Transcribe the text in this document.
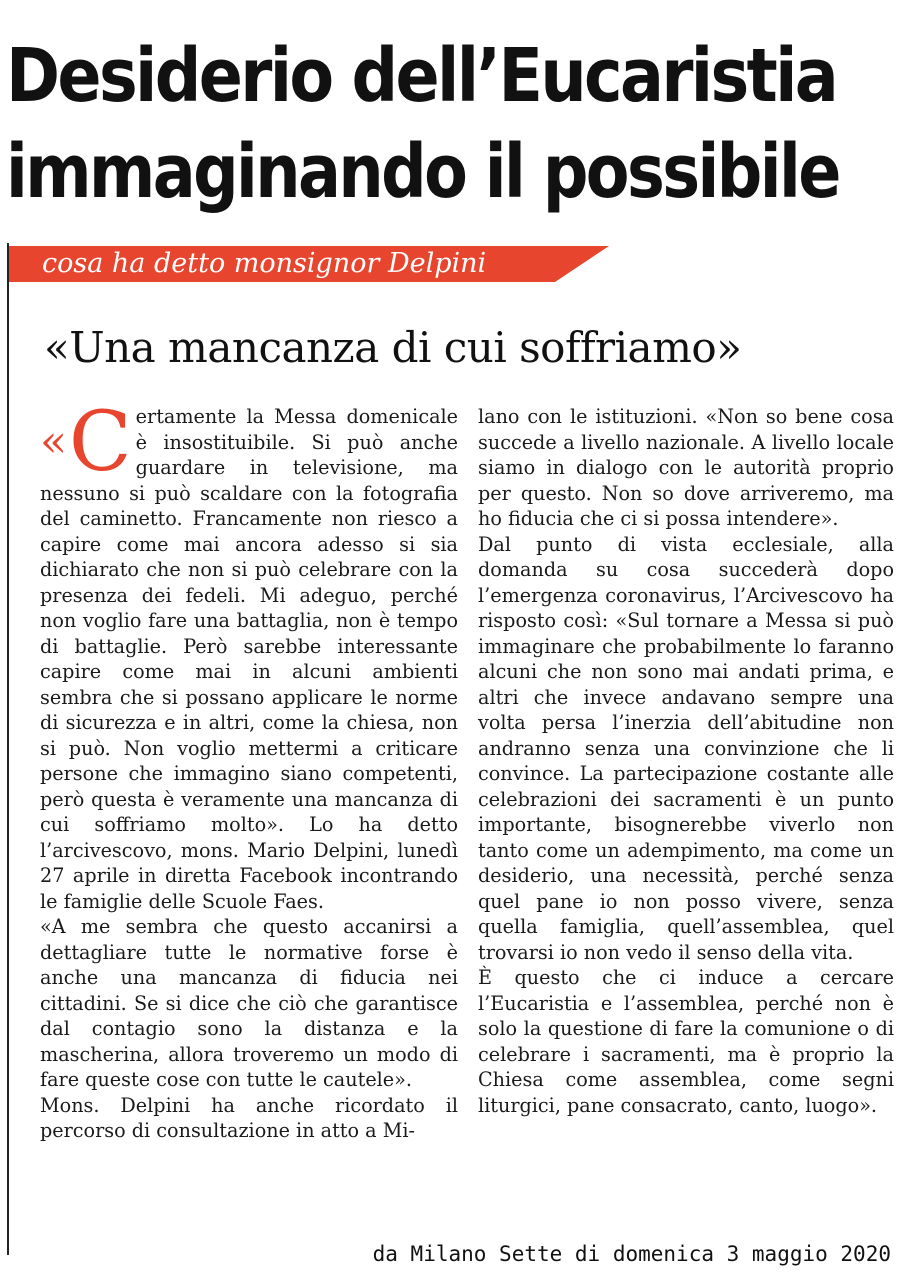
Desiderio dell’Eucaristia
immaginando il possibile
cosa ha detto monsignor Delpini
«Una mancanza di cui soffriamo»
« C ertamente la Messa domenicale è insostituibile. Si può anche guardare in televisione, ma nessuno si può scaldare con la fotografia del caminetto. Francamente non riesco a capire come mai ancora adesso si sia dichiarato che non si può celebrare con la presenza dei fedeli. Mi adeguo, perché non voglio fare una battaglia, non è tempo di battaglie. Però sarebbe interessante capire come mai in alcuni ambienti sembra che si possano applicare le norme di sicurezza e in altri, come la chiesa, non si può. Non voglio mettermi a criticare persone che immagino siano competenti, però questa è veramente una mancanza di cui soffriamo molto». Lo ha detto l’arcivescovo, mons. Mario Delpini, lunedì 27 aprile in diretta Facebook incontrando le famiglie delle Scuole Faes.

«A me sembra che questo accanirsi a dettagliare tutte le normative forse è anche una mancanza di fiducia nei cittadini. Se si dice che ciò che garantisce dal contagio sono la distanza e la mascherina, allora troveremo un modo di fare queste cose con tutte le cautele».

Mons. Delpini ha anche ricordato il percorso di consultazione in atto a Mi-

lano con le istituzioni. «Non so bene cosa succede a livello nazionale. A livello locale siamo in dialogo con le autorità proprio per questo. Non so dove arriveremo, ma ho fiducia che ci si possa intendere».

Dal punto di vista ecclesiale, alla domanda su cosa succederà dopo l’emergenza coronavirus, l’Arcivescovo ha risposto così: «Sul tornare a Messa si può immaginare che probabilmente lo faranno alcuni che non sono mai andati prima, e altri che invece andavano sempre una volta persa l’inerzia dell’abitudine non andranno senza una convinzione che li convince. La partecipazione costante alle celebrazioni dei sacramenti è un punto importante, bisognerebbe viverlo non tanto come un adempimento, ma come un desiderio, una necessità, perché senza quel pane io non posso vivere, senza quella famiglia, quell’assemblea, quel trovarsi io non vedo il senso della vita.

È questo che ci induce a cercare l’Eucaristia e l’assemblea, perché non è solo la questione di fare la comunione o di celebrare i sacramenti, ma è proprio la Chiesa come assemblea, come segni liturgici, pane consacrato, canto, luogo».

da Milano Sette di domenica 3 maggio 2020
